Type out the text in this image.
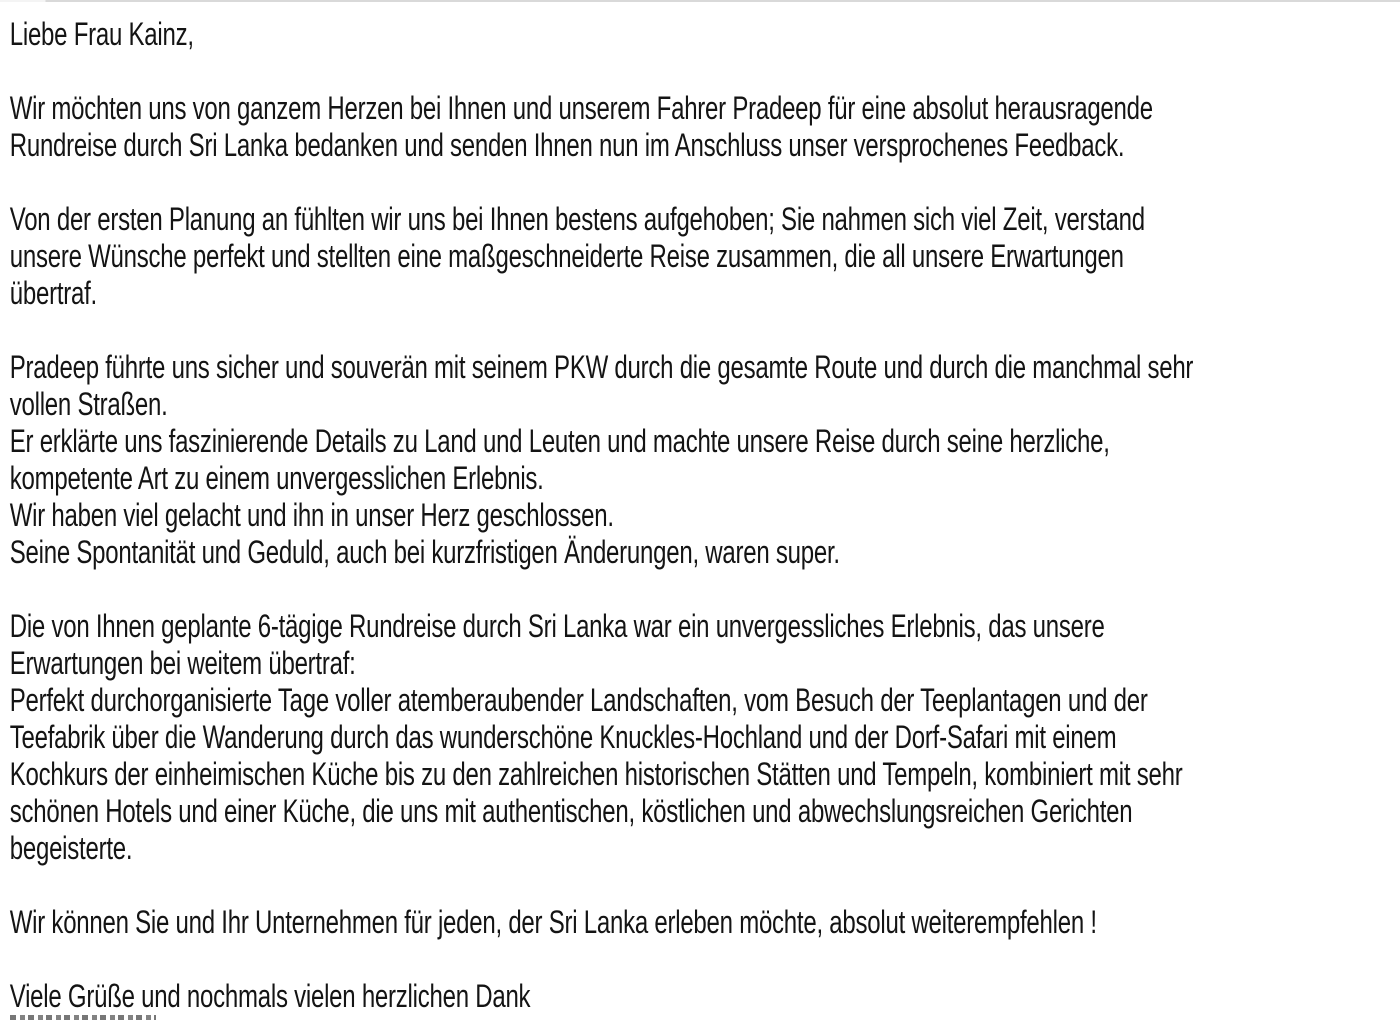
Liebe Frau Kainz,
Wir möchten uns von ganzem Herzen bei Ihnen und unserem Fahrer Pradeep für eine absolut herausragende
Rundreise durch Sri Lanka bedanken und senden Ihnen nun im Anschluss unser versprochenes Feedback.
Von der ersten Planung an fühlten wir uns bei Ihnen bestens aufgehoben; Sie nahmen sich viel Zeit, verstand
unsere Wünsche perfekt und stellten eine maßgeschneiderte Reise zusammen, die all unsere Erwartungen
übertraf.
Pradeep führte uns sicher und souverän mit seinem PKW durch die gesamte Route und durch die manchmal sehr
vollen Straßen.
Er erklärte uns faszinierende Details zu Land und Leuten und machte unsere Reise durch seine herzliche,
kompetente Art zu einem unvergesslichen Erlebnis.
Wir haben viel gelacht und ihn in unser Herz geschlossen.
Seine Spontanität und Geduld, auch bei kurzfristigen Änderungen, waren super.
Die von Ihnen geplante 6-tägige Rundreise durch Sri Lanka war ein unvergessliches Erlebnis, das unsere
Erwartungen bei weitem übertraf:
Perfekt durchorganisierte Tage voller atemberaubender Landschaften, vom Besuch der Teeplantagen und der
Teefabrik über die Wanderung durch das wunderschöne Knuckles-Hochland und der Dorf-Safari mit einem
Kochkurs der einheimischen Küche bis zu den zahlreichen historischen Stätten und Tempeln, kombiniert mit sehr
schönen Hotels und einer Küche, die uns mit authentischen, köstlichen und abwechslungsreichen Gerichten
begeisterte.
Wir können Sie und Ihr Unternehmen für jeden, der Sri Lanka erleben möchte, absolut weiterempfehlen !
Viele Grüße und nochmals vielen herzlichen Dank
